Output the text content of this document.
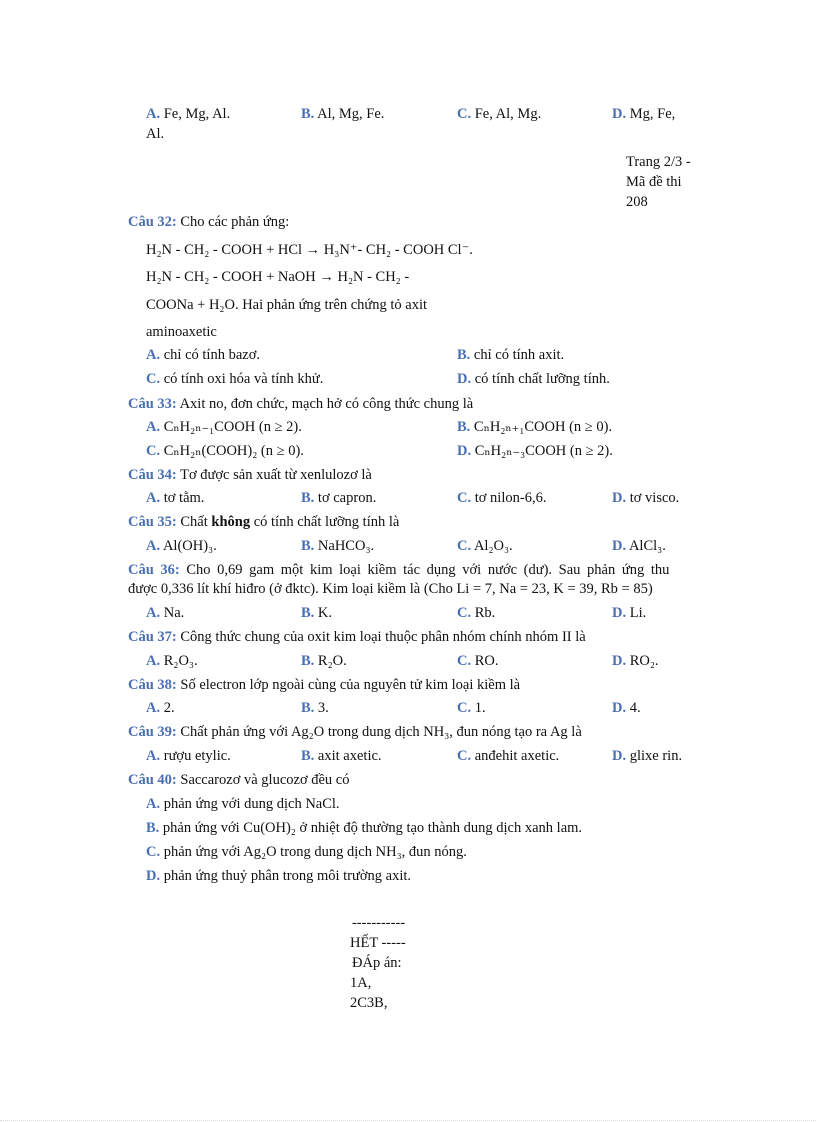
A. Fe, Mg, Al.	B. Al, Mg, Fe.	C. Fe, Al, Mg.	D. Mg, Fe,
Al.
Trang 2/3 -
Mã đề thi
208
Câu 32: Cho các phản ứng:
H₂N - CH₂ - COOH + HCl → H₃N⁺- CH₂ - COOH Cl⁻.
H₂N - CH₂ - COOH + NaOH → H₂N - CH₂ -
COONa + H₂O. Hai phản ứng trên chứng tỏ axit
aminoaxetic
A. chỉ có tính bazơ.	B. chỉ có tính axit.
C. có tính oxi hóa và tính khử.	D. có tính chất lưỡng tính.
Câu 33: Axit no, đơn chức, mạch hở có công thức chung là
A. CₙH₂ₙ₋₁COOH (n ≥ 2).	B. CₙH₂ₙ₊₁COOH (n ≥ 0).
C. CₙH₂ₙ(COOH)₂ (n ≥ 0).	D. CₙH₂ₙ₋₃COOH (n ≥ 2).
Câu 34: Tơ được sản xuất từ xenlulozơ là
A. tơ tằm.	B. tơ capron.	C. tơ nilon-6,6.	D. tơ visco.
Câu 35: Chất không có tính chất lưỡng tính là
A. Al(OH)₃.	B. NaHCO₃.	C. Al₂O₃.	D. AlCl₃.
Câu 36: Cho 0,69 gam một kim loại kiềm tác dụng với nước (dư). Sau phản ứng thu
được 0,336 lít khí hiđro (ở đktc). Kim loại kiềm là (Cho Li = 7, Na = 23, K = 39, Rb = 85)
A. Na.	B. K.	C. Rb.	D. Li.
Câu 37: Công thức chung của oxit kim loại thuộc phân nhóm chính nhóm II là
A. R₂O₃.	B. R₂O.	C. RO.	D. RO₂.
Câu 38: Số electron lớp ngoài cùng của nguyên tử kim loại kiềm là
A. 2.	B. 3.	C. 1.	D. 4.
Câu 39: Chất phản ứng với Ag₂O trong dung dịch NH₃, đun nóng tạo ra Ag là
A. rượu etylic.	B. axit axetic.	C. anđehit axetic.	D. glixe rin.
Câu 40: Saccarozơ và glucozơ đều có
A. phản ứng với dung dịch NaCl.
B. phản ứng với Cu(OH)₂ ở nhiệt độ thường tạo thành dung dịch xanh lam.
C. phản ứng với Ag₂O trong dung dịch NH₃, đun nóng.
D. phản ứng thuỷ phân trong môi trường axit.
-----------
HẾT -----
ĐÁp án:
1A,
2C3B,
